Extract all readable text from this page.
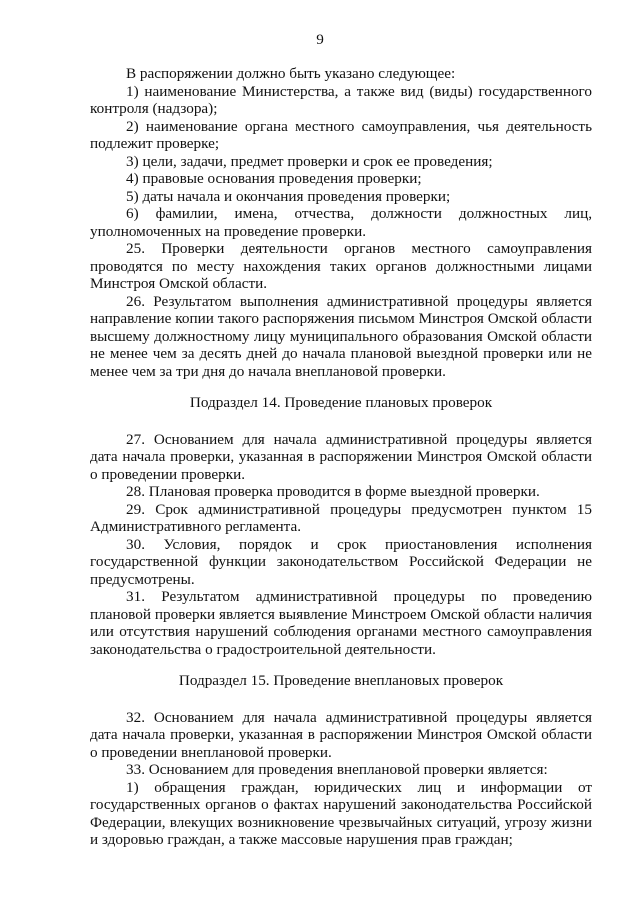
9

В распоряжении должно быть указано следующее:

1) наименование Министерства, а также вид (виды) государственного контроля (надзора);

2) наименование органа местного самоуправления, чья деятельность подлежит проверке;

3) цели, задачи, предмет проверки и срок ее проведения;

4) правовые основания проведения проверки;

5) даты начала и окончания проведения проверки;

6) фамилии, имена, отчества, должности должностных лиц, уполномоченных на проведение проверки.

25. Проверки деятельности органов местного самоуправления проводятся по месту нахождения таких органов должностными лицами Минстроя Омской области.

26. Результатом выполнения административной процедуры является направление копии такого распоряжения письмом Минстроя Омской области высшему должностному лицу муниципального образования Омской области не менее чем за десять дней до начала плановой выездной проверки или не менее чем за три дня до начала внеплановой проверки.

Подраздел 14. Проведение плановых проверок

27. Основанием для начала административной процедуры является дата начала проверки, указанная в распоряжении Минстроя Омской области о проведении проверки.

28. Плановая проверка проводится в форме выездной проверки.

29. Срок административной процедуры предусмотрен пунктом 15 Административного регламента.

30. Условия, порядок и срок приостановления исполнения государственной функции законодательством Российской Федерации не предусмотрены.

31. Результатом административной процедуры по проведению плановой проверки является выявление Минстроем Омской области наличия или отсутствия нарушений соблюдения органами местного самоуправления законодательства о градостроительной деятельности.

Подраздел 15. Проведение внеплановых проверок

32. Основанием для начала административной процедуры является дата начала проверки, указанная в распоряжении Минстроя Омской области о проведении внеплановой проверки.

33. Основанием для проведения внеплановой проверки является:

1) обращения граждан, юридических лиц и информации от государственных органов о фактах нарушений законодательства Российской Федерации, влекущих возникновение чрезвычайных ситуаций, угрозу жизни и здоровью граждан, а также массовые нарушения прав граждан;
